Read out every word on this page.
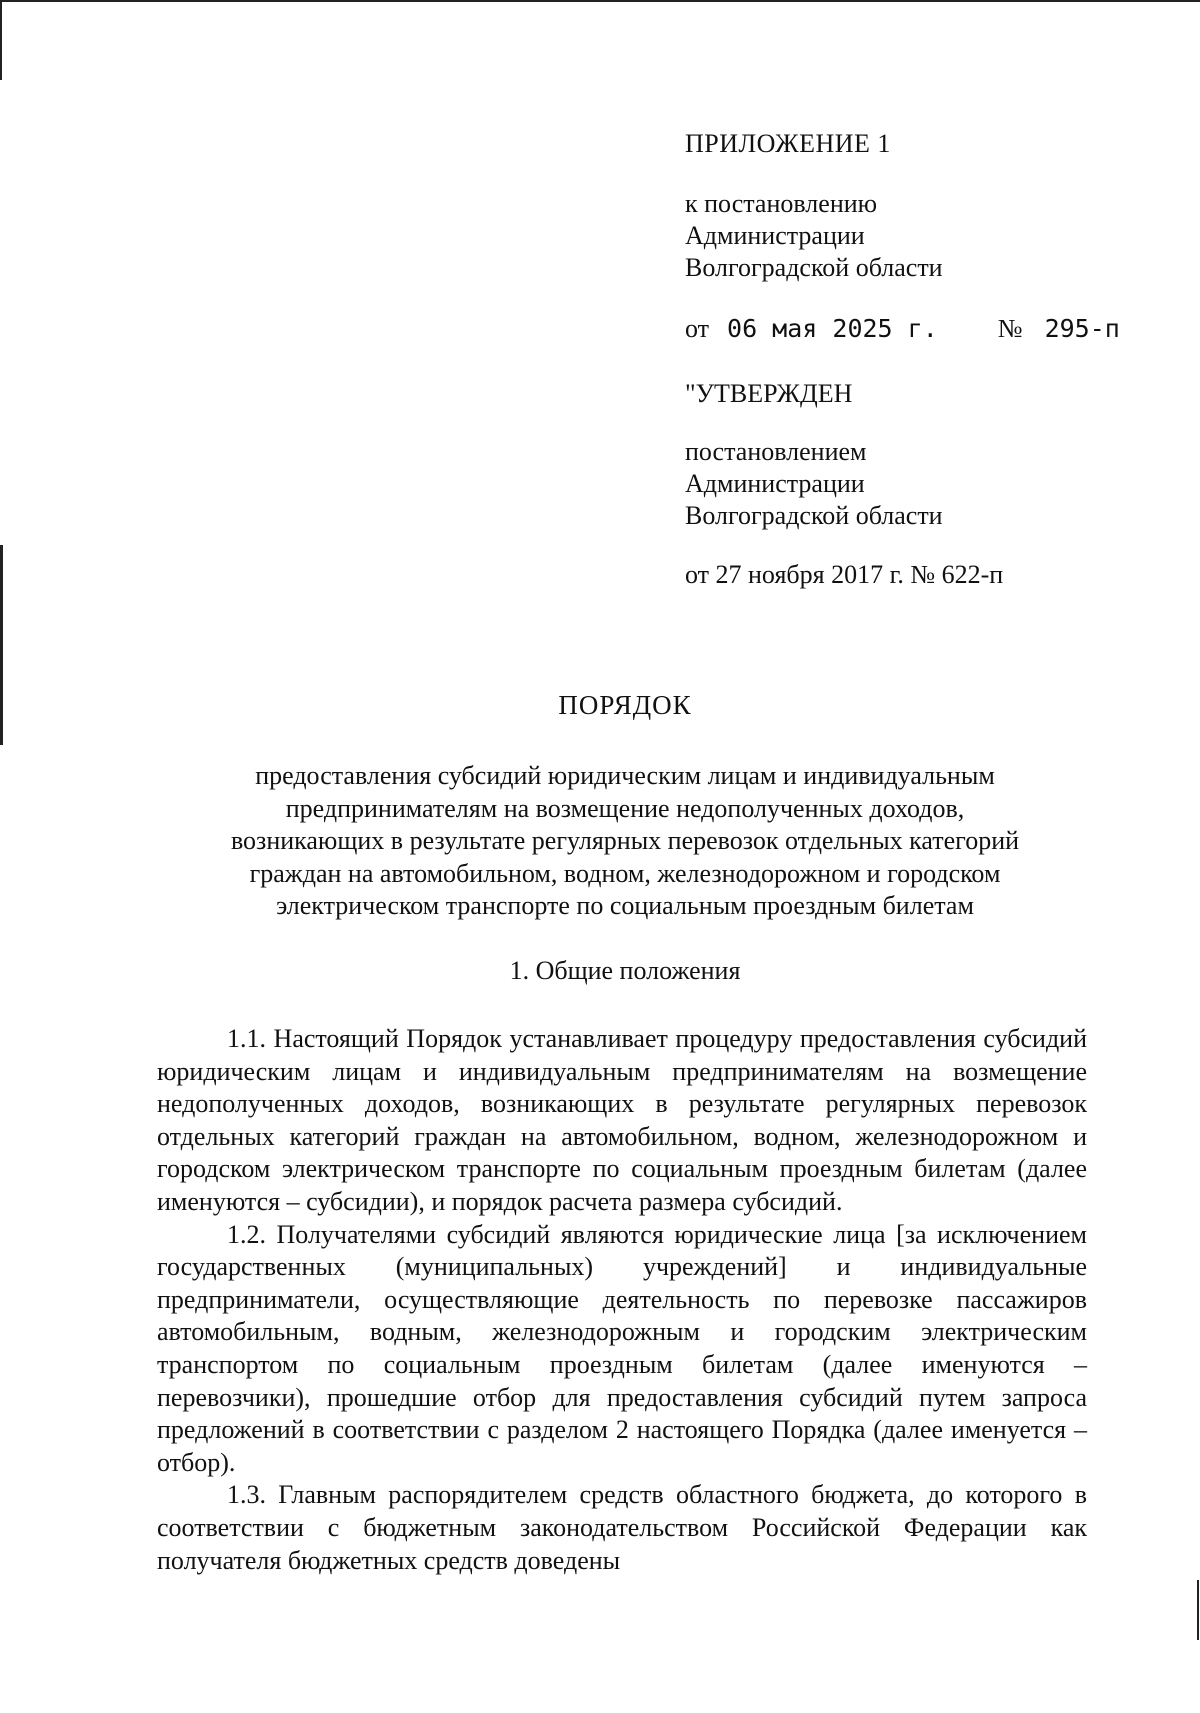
ПРИЛОЖЕНИЕ 1

к постановлению

Администрации

Волгоградской области

от 06 мая 2025 г. № 295-п

"УТВЕРЖДЕН

постановлением

Администрации

Волгоградской области

от 27 ноября 2017 г. № 622-п

ПОРЯДОК

предоставления субсидий юридическим лицам и индивидуальным
предпринимателям на возмещение недополученных доходов,
возникающих в результате регулярных перевозок отдельных категорий
граждан на автомобильном, водном, железнодорожном и городском
электрическом транспорте по социальным проездным билетам

1. Общие положения

1.1. Настоящий Порядок устанавливает процедуру предоставления субсидий юридическим лицам и индивидуальным предпринимателям на возмещение недополученных доходов, возникающих в результате регулярных перевозок отдельных категорий граждан на автомобильном, водном, железнодорожном и городском электрическом транспорте по социальным проездным билетам (далее именуются – субсидии), и порядок расчета размера субсидий.

1.2. Получателями субсидий являются юридические лица [за исключением государственных (муниципальных) учреждений] и индивидуальные предприниматели, осуществляющие деятельность по перевозке пассажиров автомобильным, водным, железнодорожным и городским электрическим транспортом по социальным проездным билетам (далее именуются – перевозчики), прошедшие отбор для предоставления субсидий путем запроса предложений в соответствии с разделом 2 настоящего Порядка (далее именуется – отбор).

1.3. Главным распорядителем средств областного бюджета, до которого в соответствии с бюджетным законодательством Российской Федерации как получателя бюджетных средств доведены
